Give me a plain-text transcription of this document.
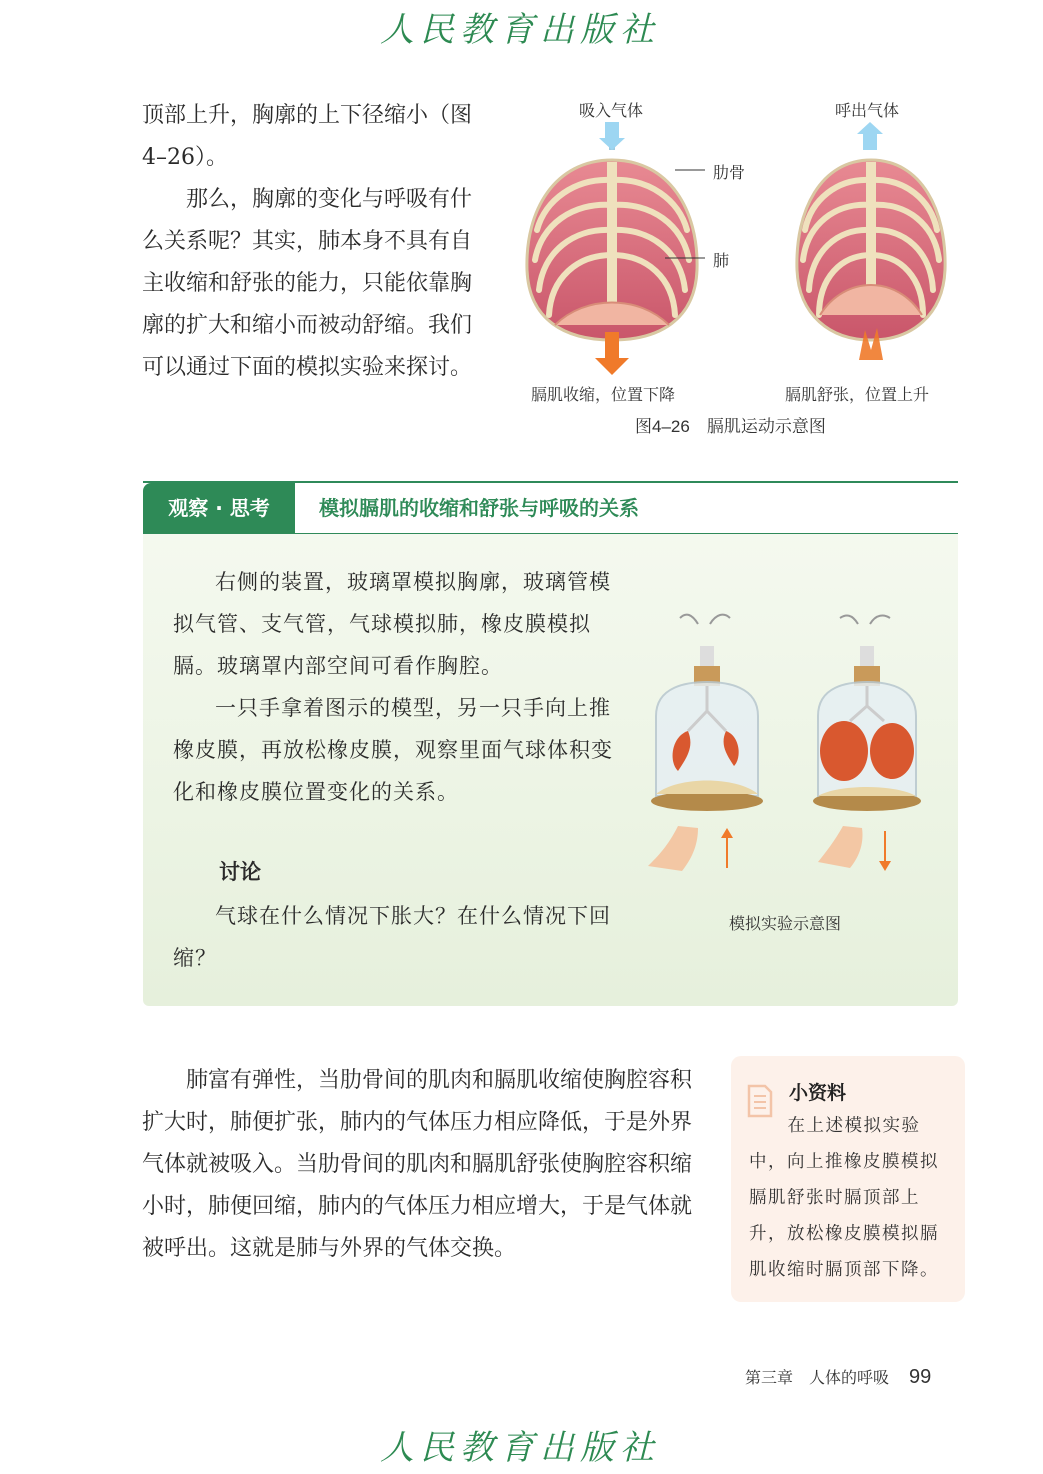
人民教育出版社

顶部上升，胸廓的上下径缩小（图4–26）。

那么，胸廓的变化与呼吸有什么关系呢？其实，肺本身不具有自主收缩和舒张的能力，只能依靠胸廓的扩大和缩小而被动舒缩。我们可以通过下面的模拟实验来探讨。

吸入气体	呼出气体
肋骨
肺
膈肌收缩，位置下降	膈肌舒张，位置上升
图4–26　膈肌运动示意图
观察 · 思考	模拟膈肌的收缩和舒张与呼吸的关系

右侧的装置，玻璃罩模拟胸廓，玻璃管模拟气管、支气管，气球模拟肺，橡皮膜模拟膈。玻璃罩内部空间可看作胸腔。

一只手拿着图示的模型，另一只手向上推橡皮膜，再放松橡皮膜，观察里面气球体积变化和橡皮膜位置变化的关系。

讨论

气球在什么情况下胀大？在什么情况下回缩？

模拟实验示意图

肺富有弹性，当肋骨间的肌肉和膈肌收缩使胸腔容积扩大时，肺便扩张，肺内的气体压力相应降低，于是外界气体就被吸入。当肋骨间的肌肉和膈肌舒张使胸腔容积缩小时，肺便回缩，肺内的气体压力相应增大，于是气体就被呼出。这就是肺与外界的气体交换。

小资料

在上述模拟实验中，向上推橡皮膜模拟膈肌舒张时膈顶部上升，放松橡皮膜模拟膈肌收缩时膈顶部下降。

第三章　人体的呼吸 99
人民教育出版社
